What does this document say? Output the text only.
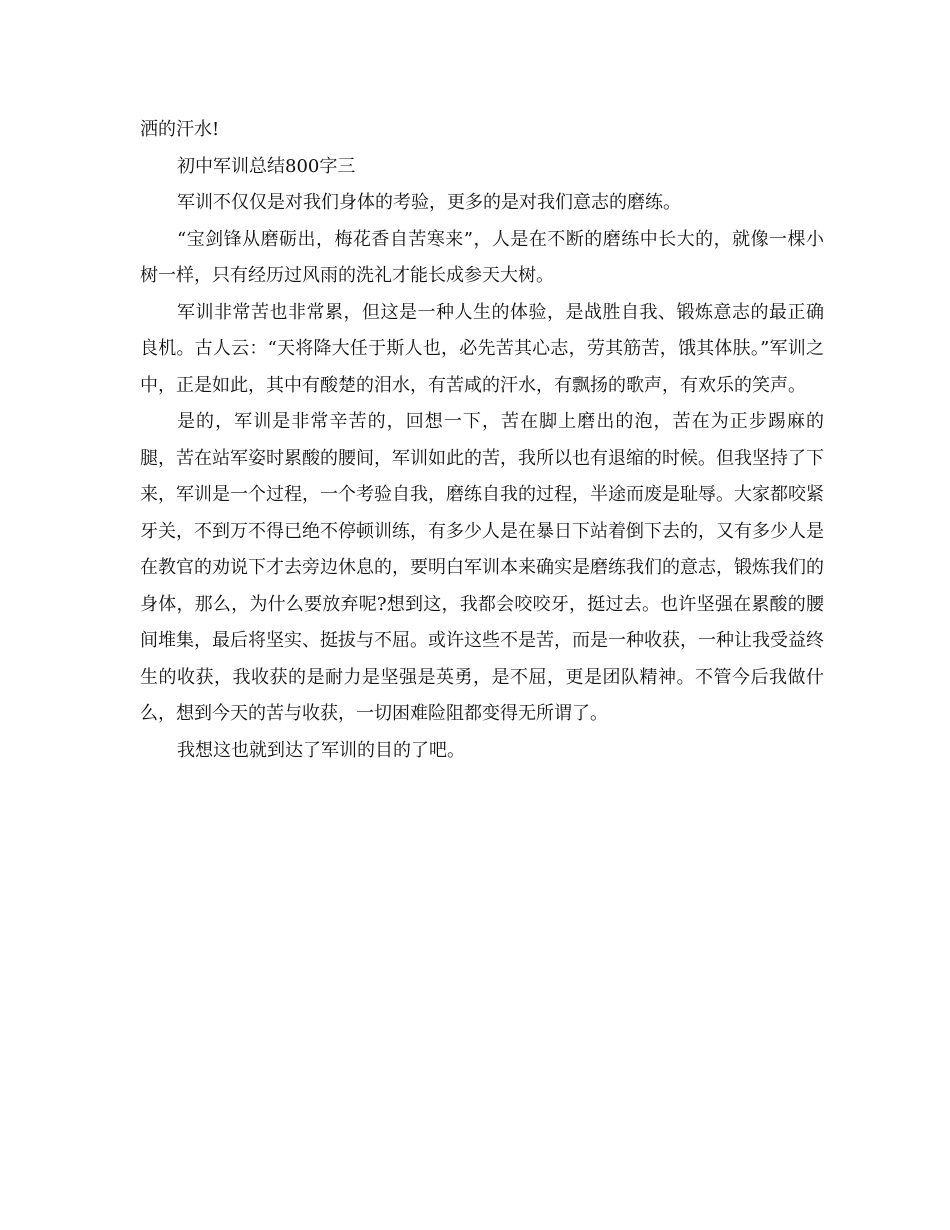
洒的汗水!

初中军训总结800字三

军训不仅仅是对我们身体的考验，更多的是对我们意志的磨练。

“宝剑锋从磨砺出，梅花香自苦寒来”，人是在不断的磨练中长大的，就像一棵小树一样，只有经历过风雨的洗礼才能长成参天大树。

军训非常苦也非常累，但这是一种人生的体验，是战胜自我、锻炼意志的最正确良机。古人云：“天将降大任于斯人也，必先苦其心志，劳其筋苦，饿其体肤。”军训之中，正是如此，其中有酸楚的泪水，有苦咸的汗水，有飘扬的歌声，有欢乐的笑声。

是的，军训是非常辛苦的，回想一下，苦在脚上磨出的泡，苦在为正步踢麻的腿，苦在站军姿时累酸的腰间，军训如此的苦，我所以也有退缩的时候。但我坚持了下来，军训是一个过程，一个考验自我，磨练自我的过程，半途而废是耻辱。大家都咬紧牙关，不到万不得已绝不停顿训练，有多少人是在暴日下站着倒下去的，又有多少人是在教官的劝说下才去旁边休息的，要明白军训本来确实是磨练我们的意志，锻炼我们的身体，那么，为什么要放弃呢?想到这，我都会咬咬牙，挺过去。也许坚强在累酸的腰间堆集，最后将坚实、挺拔与不屈。或许这些不是苦，而是一种收获，一种让我受益终生的收获，我收获的是耐力是坚强是英勇，是不屈，更是团队精神。不管今后我做什么，想到今天的苦与收获，一切困难险阻都变得无所谓了。

我想这也就到达了军训的目的了吧。
